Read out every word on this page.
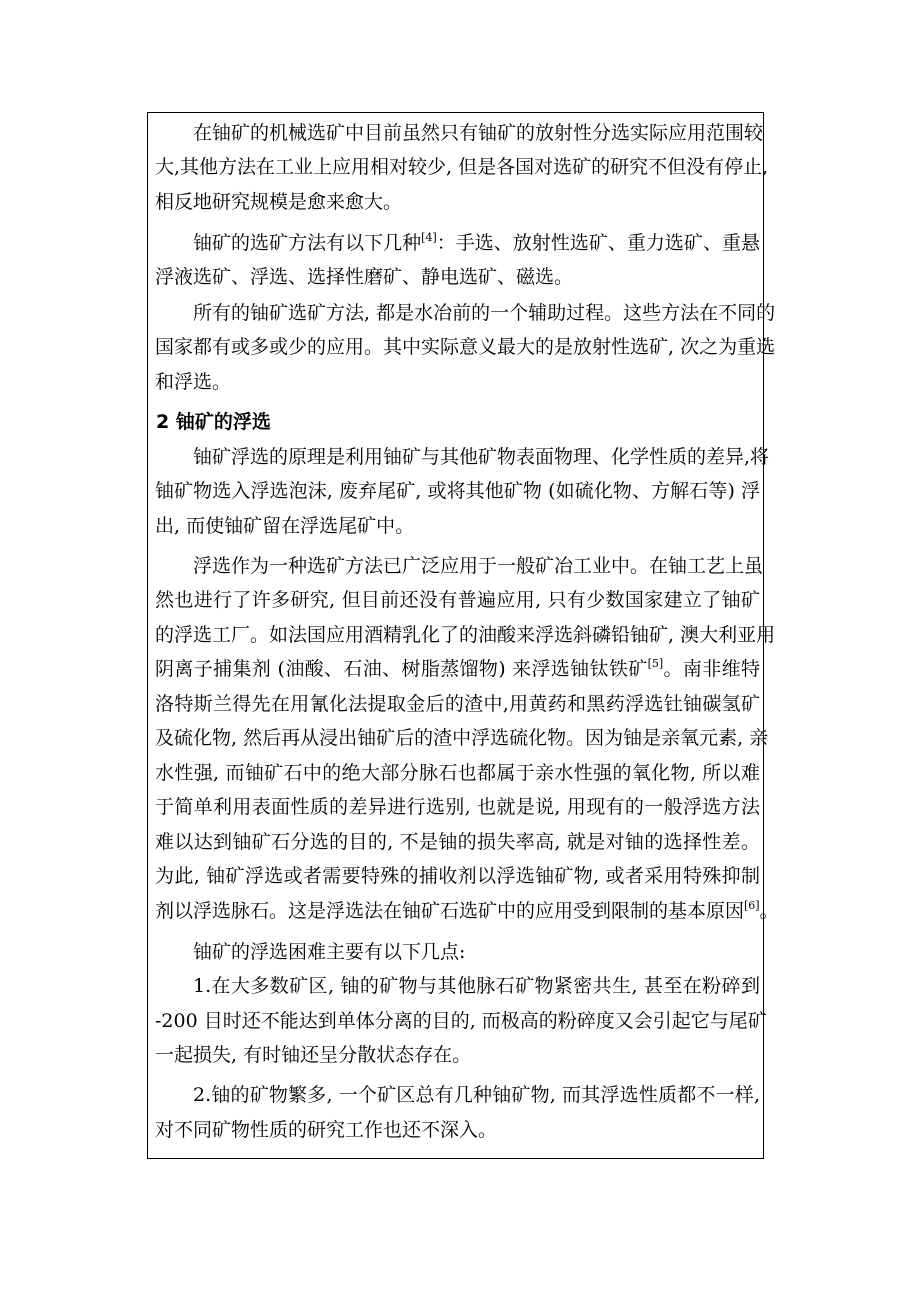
2 铀矿的浮选
在铀矿的机械选矿中目前虽然只有铀矿的放射性分选实际应用范围较
大,其他方法在工业上应用相对较少, 但是各国对选矿的研究不但没有停止,
相反地研究规模是愈来愈大。
铀矿的选矿方法有以下几种[4]：手选、放射性选矿、重力选矿、重悬
浮液选矿、浮选、选择性磨矿、静电选矿、磁选。
所有的铀矿选矿方法, 都是水冶前的一个辅助过程。这些方法在不同的
国家都有或多或少的应用。其中实际意义最大的是放射性选矿, 次之为重选
和浮选。
铀矿浮选的原理是利用铀矿与其他矿物表面物理、化学性质的差异,将
铀矿物选入浮选泡沫, 废弃尾矿, 或将其他矿物 (如硫化物、方解石等) 浮
出, 而使铀矿留在浮选尾矿中。
浮选作为一种选矿方法已广泛应用于一般矿冶工业中。在铀工艺上虽
然也进行了许多研究, 但目前还没有普遍应用, 只有少数国家建立了铀矿
的浮选工厂。如法国应用酒精乳化了的油酸来浮选斜磷铅铀矿, 澳大利亚用
阴离子捕集剂 (油酸、石油、树脂蒸馏物) 来浮选铀钛铁矿[5]。南非维特
洛特斯兰得先在用氰化法提取金后的渣中,用黄药和黑药浮选钍铀碳氢矿
及硫化物, 然后再从浸出铀矿后的渣中浮选硫化物。因为铀是亲氧元素, 亲
水性强, 而铀矿石中的绝大部分脉石也都属于亲水性强的氧化物, 所以难
于简单利用表面性质的差异进行选别, 也就是说, 用现有的一般浮选方法
难以达到铀矿石分选的目的, 不是铀的损失率高, 就是对铀的选择性差。
为此, 铀矿浮选或者需要特殊的捕收剂以浮选铀矿物, 或者采用特殊抑制
剂以浮选脉石。这是浮选法在铀矿石选矿中的应用受到限制的基本原因[6]。
铀矿的浮选困难主要有以下几点:
1.在大多数矿区, 铀的矿物与其他脉石矿物紧密共生, 甚至在粉碎到
-200 目时还不能达到单体分离的目的, 而极高的粉碎度又会引起它与尾矿
一起损失, 有时铀还呈分散状态存在。
2.铀的矿物繁多, 一个矿区总有几种铀矿物, 而其浮选性质都不一样,
对不同矿物性质的研究工作也还不深入。
